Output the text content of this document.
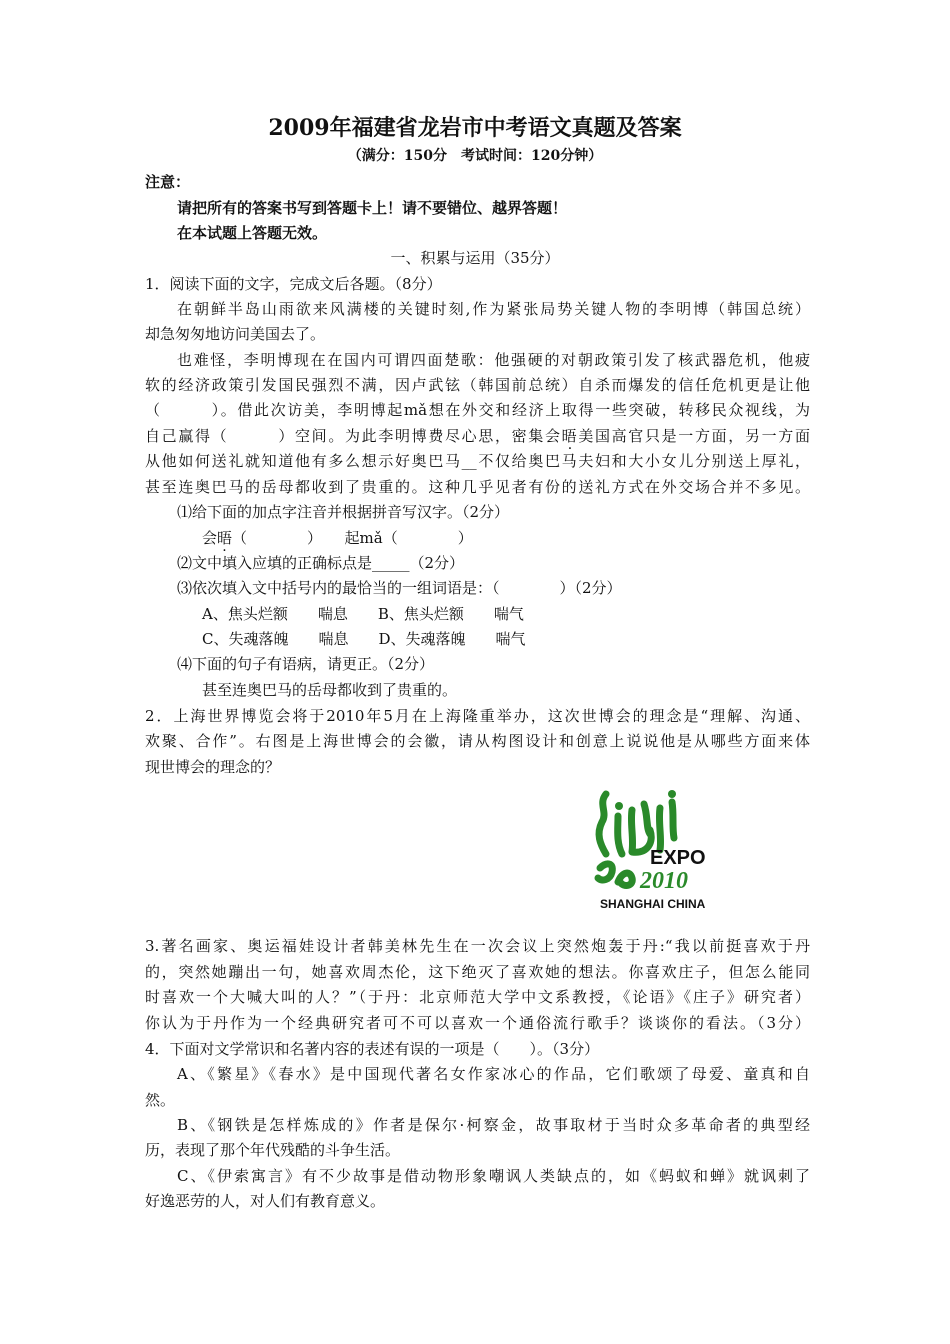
2009年福建省龙岩市中考语文真题及答案
（满分：150分　考试时间：120分钟）
注意：
请把所有的答案书写到答题卡上！请不要错位、越界答题！
在本试题上答题无效。
一、积累与运用（35分）
1．阅读下面的文字，完成文后各题。（8分）
在朝鲜半岛山雨欲来风满楼的关键时刻,作为紧张局势关键人物的李明博（韩国总统）
却急匆匆地访问美国去了。
也难怪，李明博现在在国内可谓四面楚歌：他强硬的对朝政策引发了核武器危机，他疲
软的经济政策引发国民强烈不满，因卢武铉（韩国前总统）自杀而爆发的信任危机更是让他
（　　　）。借此次访美，李明博起mǎ想在外交和经济上取得一些突破，转移民众视线，为
自己赢得（　　　）空间。为此李明博费尽心思，密集会晤美国高官只是一方面，另一方面
从他如何送礼就知道他有多么想示好奥巴马__不仅给奥巴马夫妇和大小女儿分别送上厚礼，
甚至连奥巴马的岳母都收到了贵重的。这种几乎见者有份的送礼方式在外交场合并不多见。
⑴给下面的加点字注音并根据拼音写汉字。（2分）
会晤（　　　　）　　起mǎ（　　　　）
⑵文中填入应填的正确标点是_____（2分）
⑶依次填入文中括号内的最恰当的一组词语是：（　　　　）（2分）
A、焦头烂额　　喘息　　B、焦头烂额　　喘气
C、失魂落魄　　喘息　　D、失魂落魄　　喘气
⑷下面的句子有语病，请更正。（2分）
甚至连奥巴马的岳母都收到了贵重的。
2．上海世界博览会将于2010年5月在上海隆重举办，这次世博会的理念是“理解、沟通、
欢聚、合作”。右图是上海世博会的会徽，请从构图设计和创意上说说他是从哪些方面来体
现世博会的理念的？
EXPO
2010
SHANGHAI CHINA
3.著名画家、奥运福娃设计者韩美林先生在一次会议上突然炮轰于丹:“我以前挺喜欢于丹
的，突然她蹦出一句，她喜欢周杰伦，这下绝灭了喜欢她的想法。你喜欢庄子，但怎么能同
时喜欢一个大喊大叫的人？”（于丹：北京师范大学中文系教授，《论语》《庄子》研究者）
你认为于丹作为一个经典研究者可不可以喜欢一个通俗流行歌手？谈谈你的看法。（3分）
4．下面对文学常识和名著内容的表述有误的一项是（　　）。（3分）
A、《繁星》《春水》是中国现代著名女作家冰心的作品，它们歌颂了母爱、童真和自
然。
B、《钢铁是怎样炼成的》作者是保尔·柯察金，故事取材于当时众多革命者的典型经
历，表现了那个年代残酷的斗争生活。
C、《伊索寓言》有不少故事是借动物形象嘲讽人类缺点的，如《蚂蚁和蝉》就讽刺了
好逸恶劳的人，对人们有教育意义。
